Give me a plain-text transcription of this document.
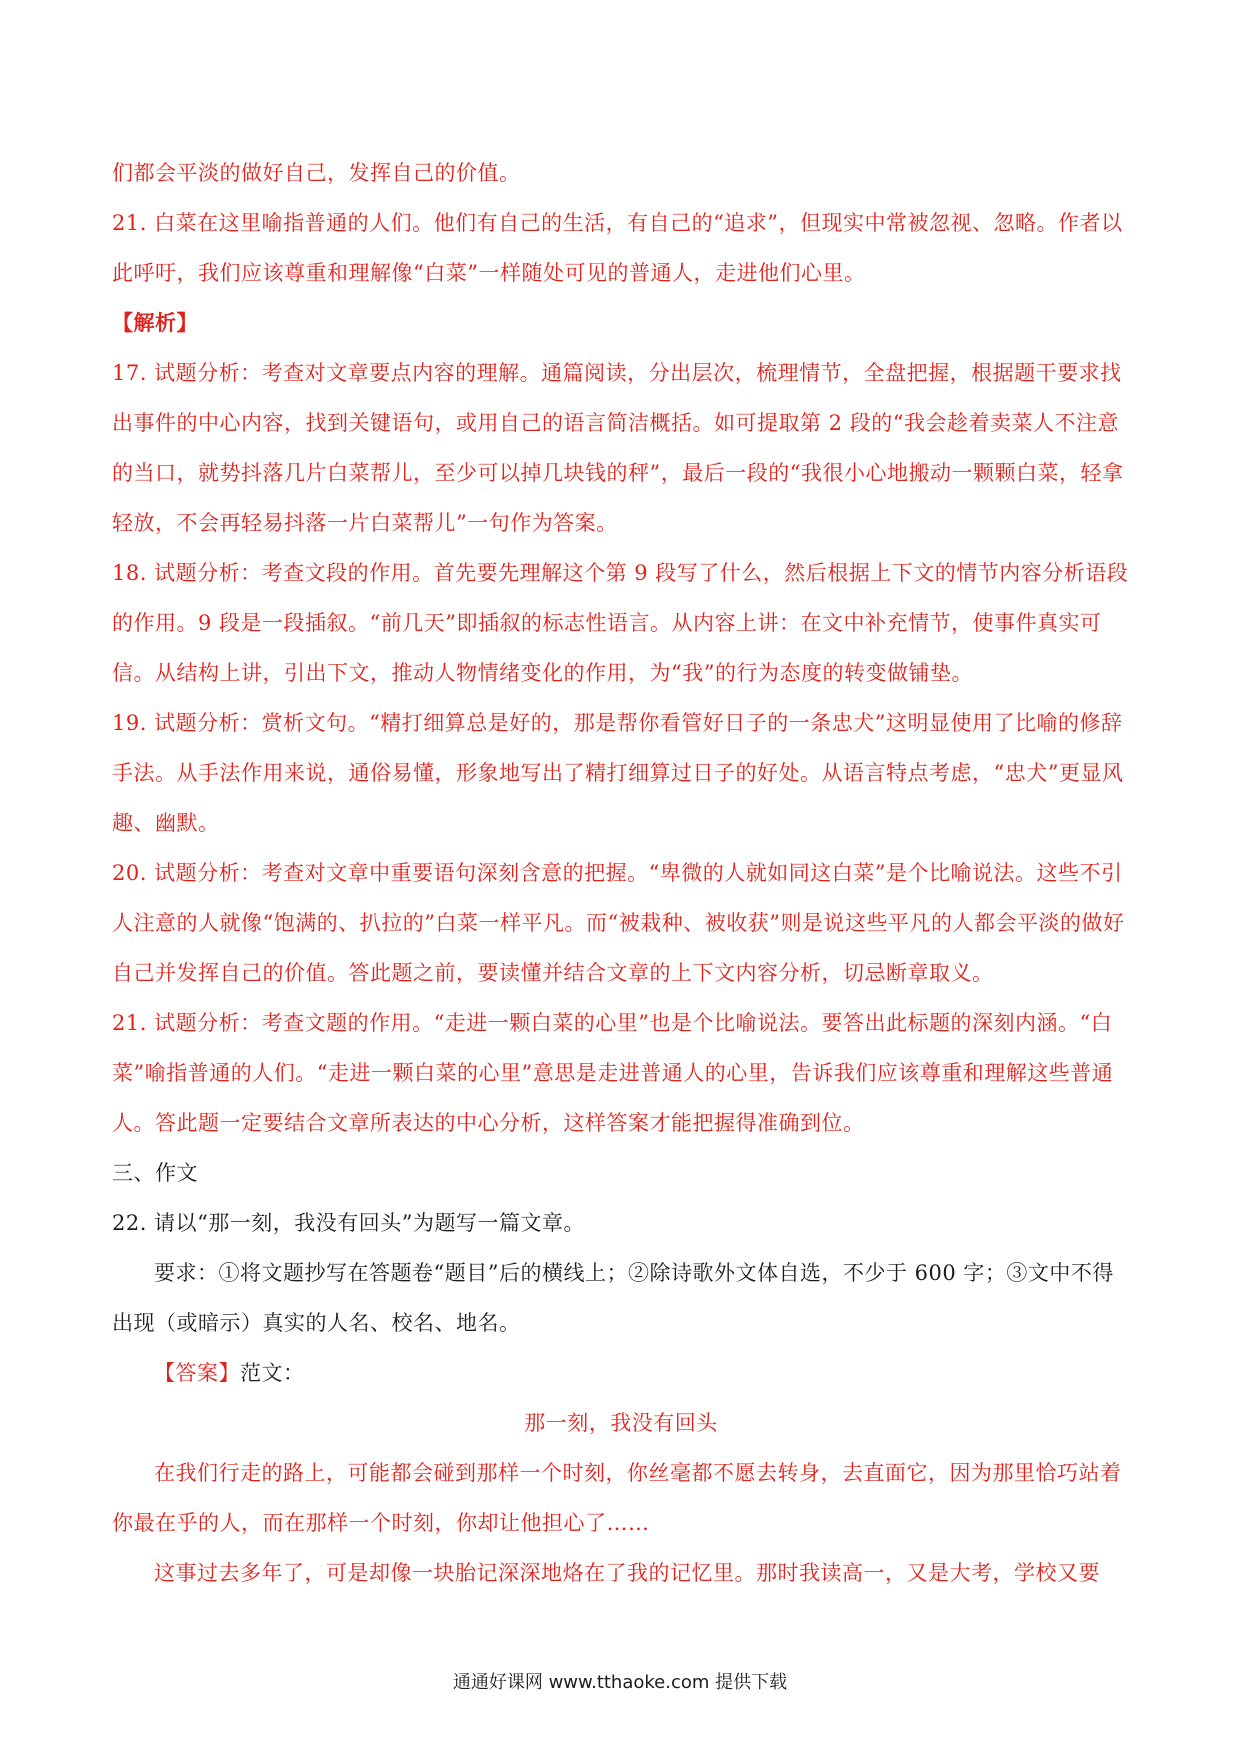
们都会平淡的做好自己，发挥自己的价值。

21. 白菜在这里喻指普通的人们。他们有自己的生活，有自己的“追求”，但现实中常被忽视、忽略。作者以此呼吁，我们应该尊重和理解像“白菜”一样随处可见的普通人，走进他们心里。

【解析】

17. 试题分析：考查对文章要点内容的理解。通篇阅读，分出层次，梳理情节，全盘把握，根据题干要求找出事件的中心内容，找到关键语句，或用自己的语言简洁概括。如可提取第 2 段的“我会趁着卖菜人不注意的当口，就势抖落几片白菜帮儿，至少可以掉几块钱的秤”，最后一段的“我很小心地搬动一颗颗白菜，轻拿轻放，不会再轻易抖落一片白菜帮儿”一句作为答案。

18. 试题分析：考查文段的作用。首先要先理解这个第 9 段写了什么，然后根据上下文的情节内容分析语段的作用。9 段是一段插叙。“前几天”即插叙的标志性语言。从内容上讲：在文中补充情节，使事件真实可信。从结构上讲，引出下文，推动人物情绪变化的作用，为“我”的行为态度的转变做铺垫。

19. 试题分析：赏析文句。“精打细算总是好的，那是帮你看管好日子的一条忠犬”这明显使用了比喻的修辞手法。从手法作用来说，通俗易懂，形象地写出了精打细算过日子的好处。从语言特点考虑，“忠犬”更显风趣、幽默。

20. 试题分析：考查对文章中重要语句深刻含意的把握。“卑微的人就如同这白菜”是个比喻说法。这些不引人注意的人就像“饱满的、扒拉的”白菜一样平凡。而“被栽种、被收获”则是说这些平凡的人都会平淡的做好自己并发挥自己的价值。答此题之前，要读懂并结合文章的上下文内容分析，切忌断章取义。

21. 试题分析：考查文题的作用。“走进一颗白菜的心里”也是个比喻说法。要答出此标题的深刻内涵。“白菜”喻指普通的人们。“走进一颗白菜的心里”意思是走进普通人的心里，告诉我们应该尊重和理解这些普通人。答此题一定要结合文章所表达的中心分析，这样答案才能把握得准确到位。

三、作文

22. 请以“那一刻，我没有回头”为题写一篇文章。

要求：①将文题抄写在答题卷“题目”后的横线上；②除诗歌外文体自选，不少于 600 字；③文中不得出现（或暗示）真实的人名、校名、地名。

【答案】范文：

那一刻，我没有回头

在我们行走的路上，可能都会碰到那样一个时刻，你丝毫都不愿去转身，去直面它，因为那里恰巧站着你最在乎的人，而在那样一个时刻，你却让他担心了……

这事过去多年了，可是却像一块胎记深深地烙在了我的记忆里。那时我读高一，又是大考，学校又要

通通好课网 www.tthaoke.com 提供下载
